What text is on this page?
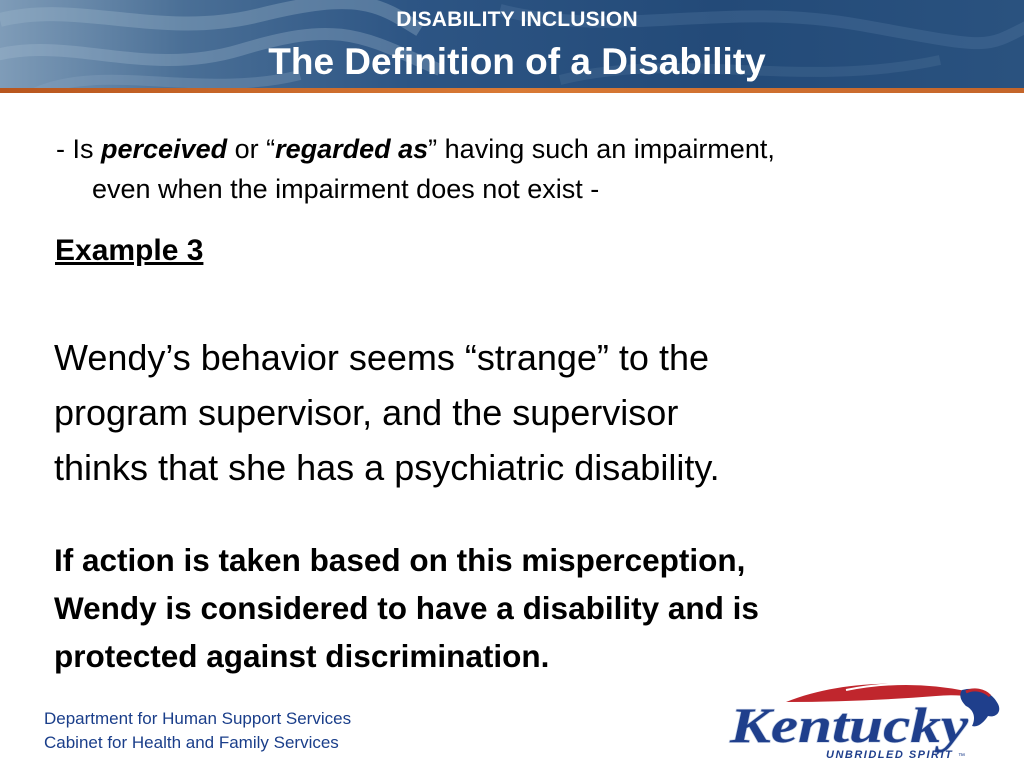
DISABILITY INCLUSION
The Definition of a Disability
- Is perceived or “regarded as” having such an impairment,
even when the impairment does not exist -
Example 3
Wendy’s behavior seems “strange” to the
program supervisor, and the supervisor
thinks that she has a psychiatric disability.
If action is taken based on this misperception,
Wendy is considered to have a disability and is
protected against discrimination.
Department for Human Support Services
Cabinet for Health and Family Services	Kentucky
UNBRIDLED SPIRIT ™
